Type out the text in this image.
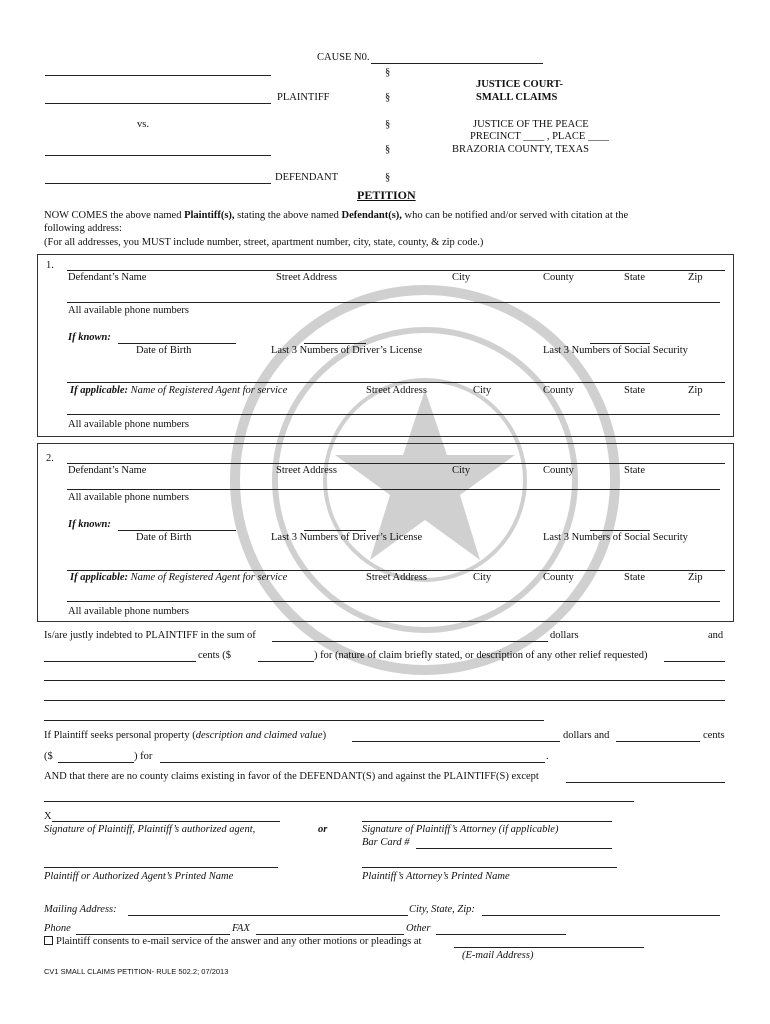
CAUSE N0.
§
PLAINTIFF	§
JUSTICE COURT-
SMALL CLAIMS
vs.	§	JUSTICE OF THE PEACE
PRECINCT ____ , PLACE ____
§	BRAZORIA COUNTY, TEXAS
DEFENDANT	§
PETITION
NOW COMES the above named Plaintiff(s), stating the above named Defendant(s), who can be notified and/or served with citation at the
following address:
(For all addresses, you MUST include number, street, apartment number, city, state, county, & zip code.)
1.
Defendant’s Name	Street Address	City	County	State	Zip
All available phone numbers
If known:
Date of Birth	Last 3 Numbers of Driver’s License	Last 3 Numbers of Social Security
If applicable: Name of Registered Agent for service	Street Address	City	County	State	Zip
All available phone numbers
2.
Defendant’s Name	Street Address	City	County	State
All available phone numbers
If known:
Date of Birth	Last 3 Numbers of Driver’s License	Last 3 Numbers of Social Security
If applicable: Name of Registered Agent for service	Street Address	City	County	State	Zip
All available phone numbers
Is/are justly indebted to PLAINTIFF in the sum of	dollars	and
cents ($	) for (nature of claim briefly stated, or description of any other relief requested)
If Plaintiff seeks personal property (description and claimed value)	dollars and	cents
($	) for	.
AND that there are no county claims existing in favor of the DEFENDANT(S) and against the PLAINTIFF(S) except
X
Signature of Plaintiff, Plaintiff’s authorized agent,	or	Signature of Plaintiff’s Attorney (if applicable)
Bar Card #
Plaintiff or Authorized Agent’s Printed Name	Plaintiff’s Attorney’s Printed Name
Mailing Address:	City, State, Zip:
Phone	FAX	Other
Plaintiff consents to e-mail service of the answer and any other motions or pleadings at
(E-mail Address)
CV1 SMALL CLAIMS PETITION- RULE 502.2; 07/2013
